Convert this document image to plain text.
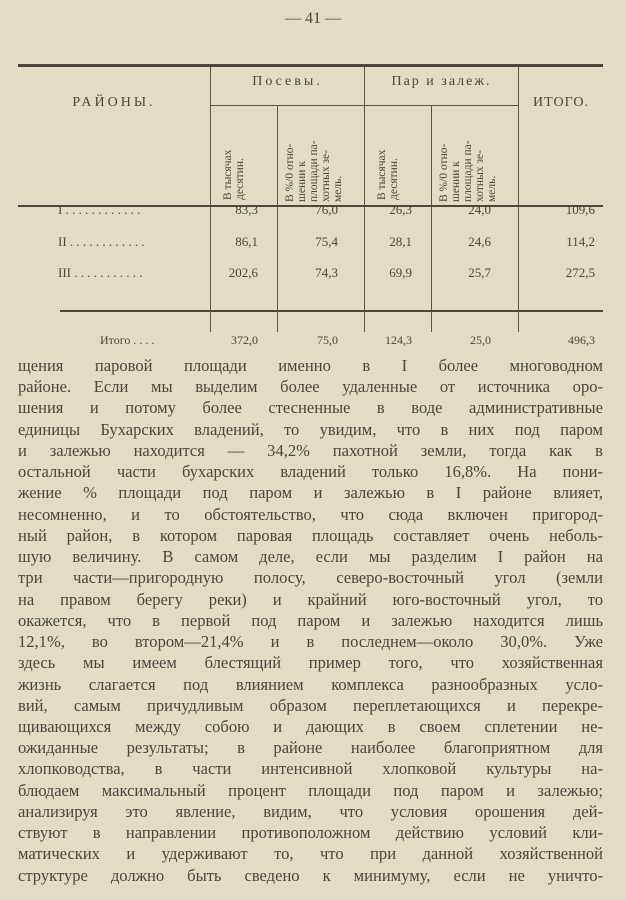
— 41 —
РАЙОНЫ.
Посевы.	Пар и залеж.
ИТОГО.
В тысячах
десятин.	В %/0 отно-
шении к
площади па-
хотных зе-
мель.	В тысячах
десятин.	В %/0 отно-
шении к
площади па-
хотных зе-
мель.
I . . . . . . . . . . . .	83,3	76,0	26,3	24,0	109,6
II . . . . . . . . . . . .	86,1	75,4	28,1	24,6	114,2
III . . . . . . . . . . .	202,6	74,3	69,9	25,7	272,5
Итого . . . .	372,0	75,0	124,3	25,0	496,3
щения паровой площади именно в I более многоводном
районе. Если мы выделим более удаленные от источника оро-
шения и потому более стесненные в воде административные
единицы Бухарских владений, то увидим, что в них под паром
и залежью находится — 34,2% пахотной земли, тогда как в
остальной части бухарских владений только 16,8%. На пони-
жение % площади под паром и залежью в I районе влияет,
несомненно, и то обстоятельство, что сюда включен пригород-
ный район, в котором паровая площадь составляет очень неболь-
шую величину. В самом деле, если мы разделим I район на
три части—пригородную полосу, северо-восточный угол (земли
на правом берегу реки) и крайний юго-восточный угол, то
окажется, что в первой под паром и залежью находится лишь
12,1%, во втором—21,4% и в последнем—около 30,0%. Уже
здесь мы имеем блестящий пример того, что хозяйственная
жизнь слагается под влиянием комплекса разнообразных усло-
вий, самым причудливым образом переплетающихся и перекре-
щивающихся между собою и дающих в своем сплетении не-
ожиданные результаты; в районе наиболее благоприятном для
хлопководства, в части интенсивной хлопковой культуры на-
блюдаем максимальный процент площади под паром и залежью;
анализируя это явление, видим, что условия орошения дей-
ствуют в направлении противоположном действию условий кли-
матических и удерживают то, что при данной хозяйственной
структуре должно быть сведено к минимуму, если не уничто-
